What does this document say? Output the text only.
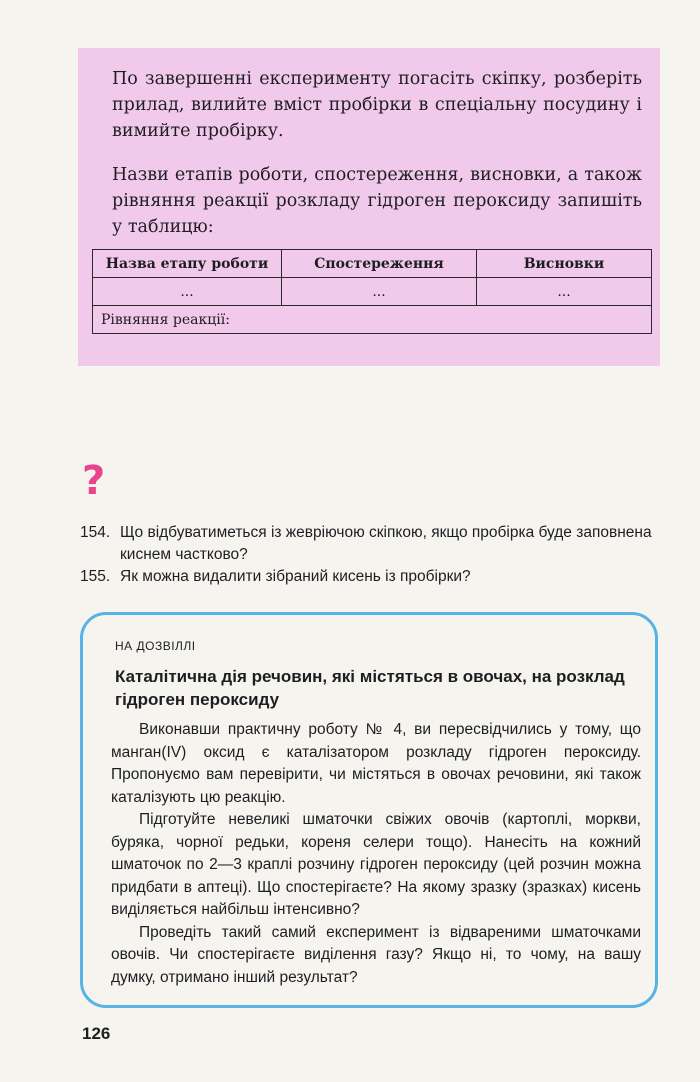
По завершенні експерименту погасіть скіпку, розберіть прилад, вилийте вміст пробірки в спеціальну посудину і вимийте пробірку.

Назви етапів роботи, спостереження, висновки, а також рівняння реакції розкладу гідроген пероксиду запишіть у таблицю:

Назва етапу роботи	Спостереження	Висновки
...	...	...
Рівняння реакції:		
?
154. Що відбуватиметься із жевріючою скіпкою, якщо пробірка буде заповнена киснем частково?
155. Як можна видалити зібраний кисень із пробірки?
НА ДОЗВІЛЛІ
Каталітична дія речовин, які містяться в овочах, на розклад гідроген пероксиду

Виконавши практичну роботу № 4, ви пересвідчились у тому, що манган(IV) оксид є каталізатором розкладу гідроген пероксиду. Пропонуємо вам перевірити, чи містяться в овочах речовини, які також каталізують цю реакцію.

Підготуйте невеликі шматочки свіжих овочів (картоплі, моркви, буряка, чорної редьки, кореня селери тощо). Нанесіть на кожний шматочок по 2—3 краплі розчину гідроген пероксиду (цей розчин можна придбати в аптеці). Що спостерігаєте? На якому зразку (зразках) кисень виділяється найбільш інтенсивно?

Проведіть такий самий експеримент із відвареними шматочками овочів. Чи спостерігаєте виділення газу? Якщо ні, то чому, на вашу думку, отримано інший результат?

126
